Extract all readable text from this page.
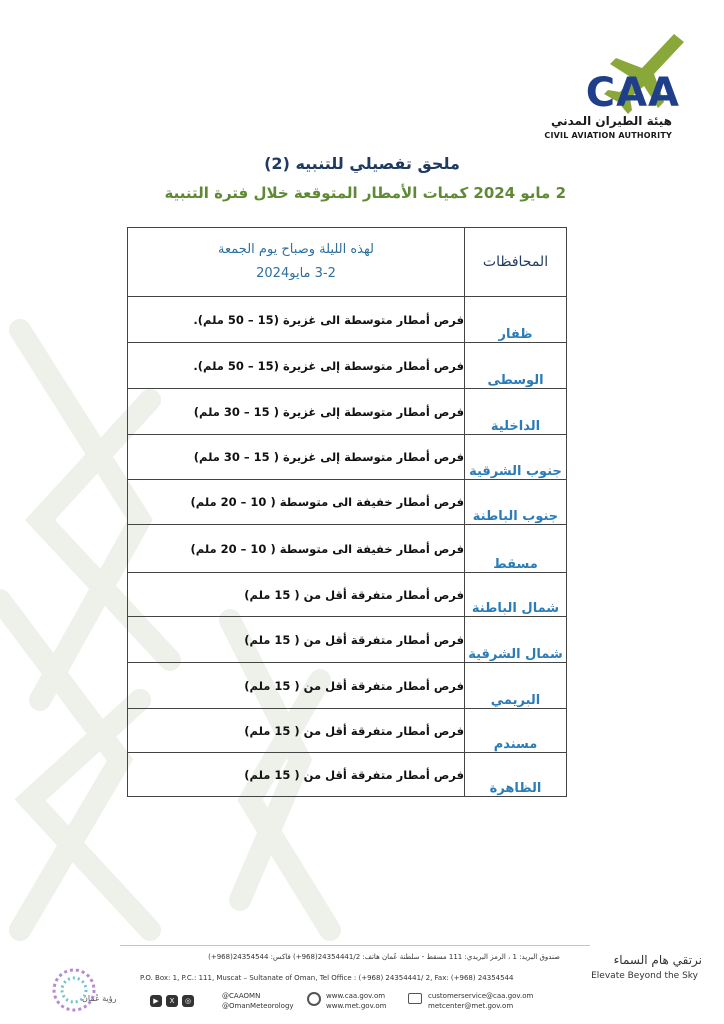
CAA
هيئة الطيران المدني
CIVIL AVIATION AUTHORITY
ملحق تفصيلي للتنبيه (2)
2 مايو 2024 كميات الأمطار المتوقعة خلال فترة التنبية
المحافظات	لهذه الليلة وصباح يوم الجمعة
3-2 مايو2024

ظفار	فرص أمطار متوسطة الى غزيرة (15 – 50 ملم).
الوسطى	فرص أمطار متوسطة إلى غزيرة (15 – 50 ملم).
الداخلية	فرص أمطار متوسطة إلى غزيرة ( 15 – 30 ملم)
جنوب الشرقية	فرص أمطار متوسطة إلى غزيرة ( 15 – 30 ملم)
جنوب الباطنة	فرص أمطار خفيفة الى متوسطة ( 10 – 20 ملم)
مسقط	فرص أمطار خفيفة الى متوسطة ( 10 – 20 ملم)
شمال الباطنة	فرص أمطار متفرقة أقل من ( 15 ملم)
شمال الشرقية	فرص أمطار متفرقة أقل من ( 15 ملم)
البريمي	فرص أمطار متفرقة أقل من ( 15 ملم)
مسندم	فرص أمطار متفرقة أقل من ( 15 ملم)
الظاهرة	فرص أمطار متفرقة أقل من ( 15 ملم)
صندوق البريد: 1 ، الرمز البريدي: 111 مسقط - سلطنة عُمان هاتف: 24354441/2(968+) فاكس: 24354544(968+)
P.O. Box: 1, P.C.: 111, Muscat – Sultanate of Oman, Tel Office : (+968) 24354441/ 2, Fax: (+968) 24354544
نرتقي هام السماء
Elevate Beyond the Sky
رؤية عُمان	▶	X	◎
@CAAOMN
@OmanMeteorology
www.caa.gov.om
www.met.gov.om
customerservice@caa.gov.om
metcenter@met.gov.om
